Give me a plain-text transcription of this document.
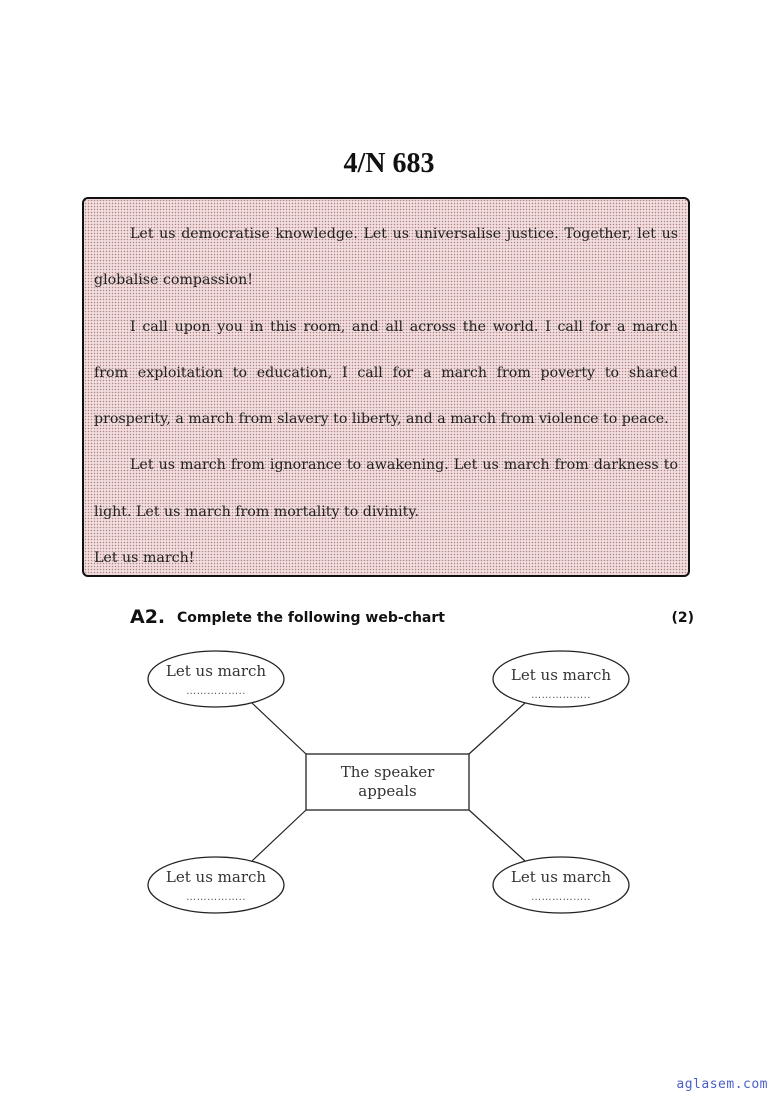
4/N 683

Let us democratise knowledge. Let us universalise justice. Together, let us globalise compassion!

I call upon you in this room, and all across the world. I call for a march from exploitation to education, I call for a march from poverty to shared prosperity, a march from slavery to liberty, and a march from violence to peace.

Let us march from ignorance to awakening. Let us march from darkness to light. Let us march from mortality to divinity.

Let us march!

A2. Complete the following web-chart	(2)
The speaker
appeals
Let us march
……………..
Let us march
……………..
Let us march
……………..
Let us march
……………..
aglasem.com
